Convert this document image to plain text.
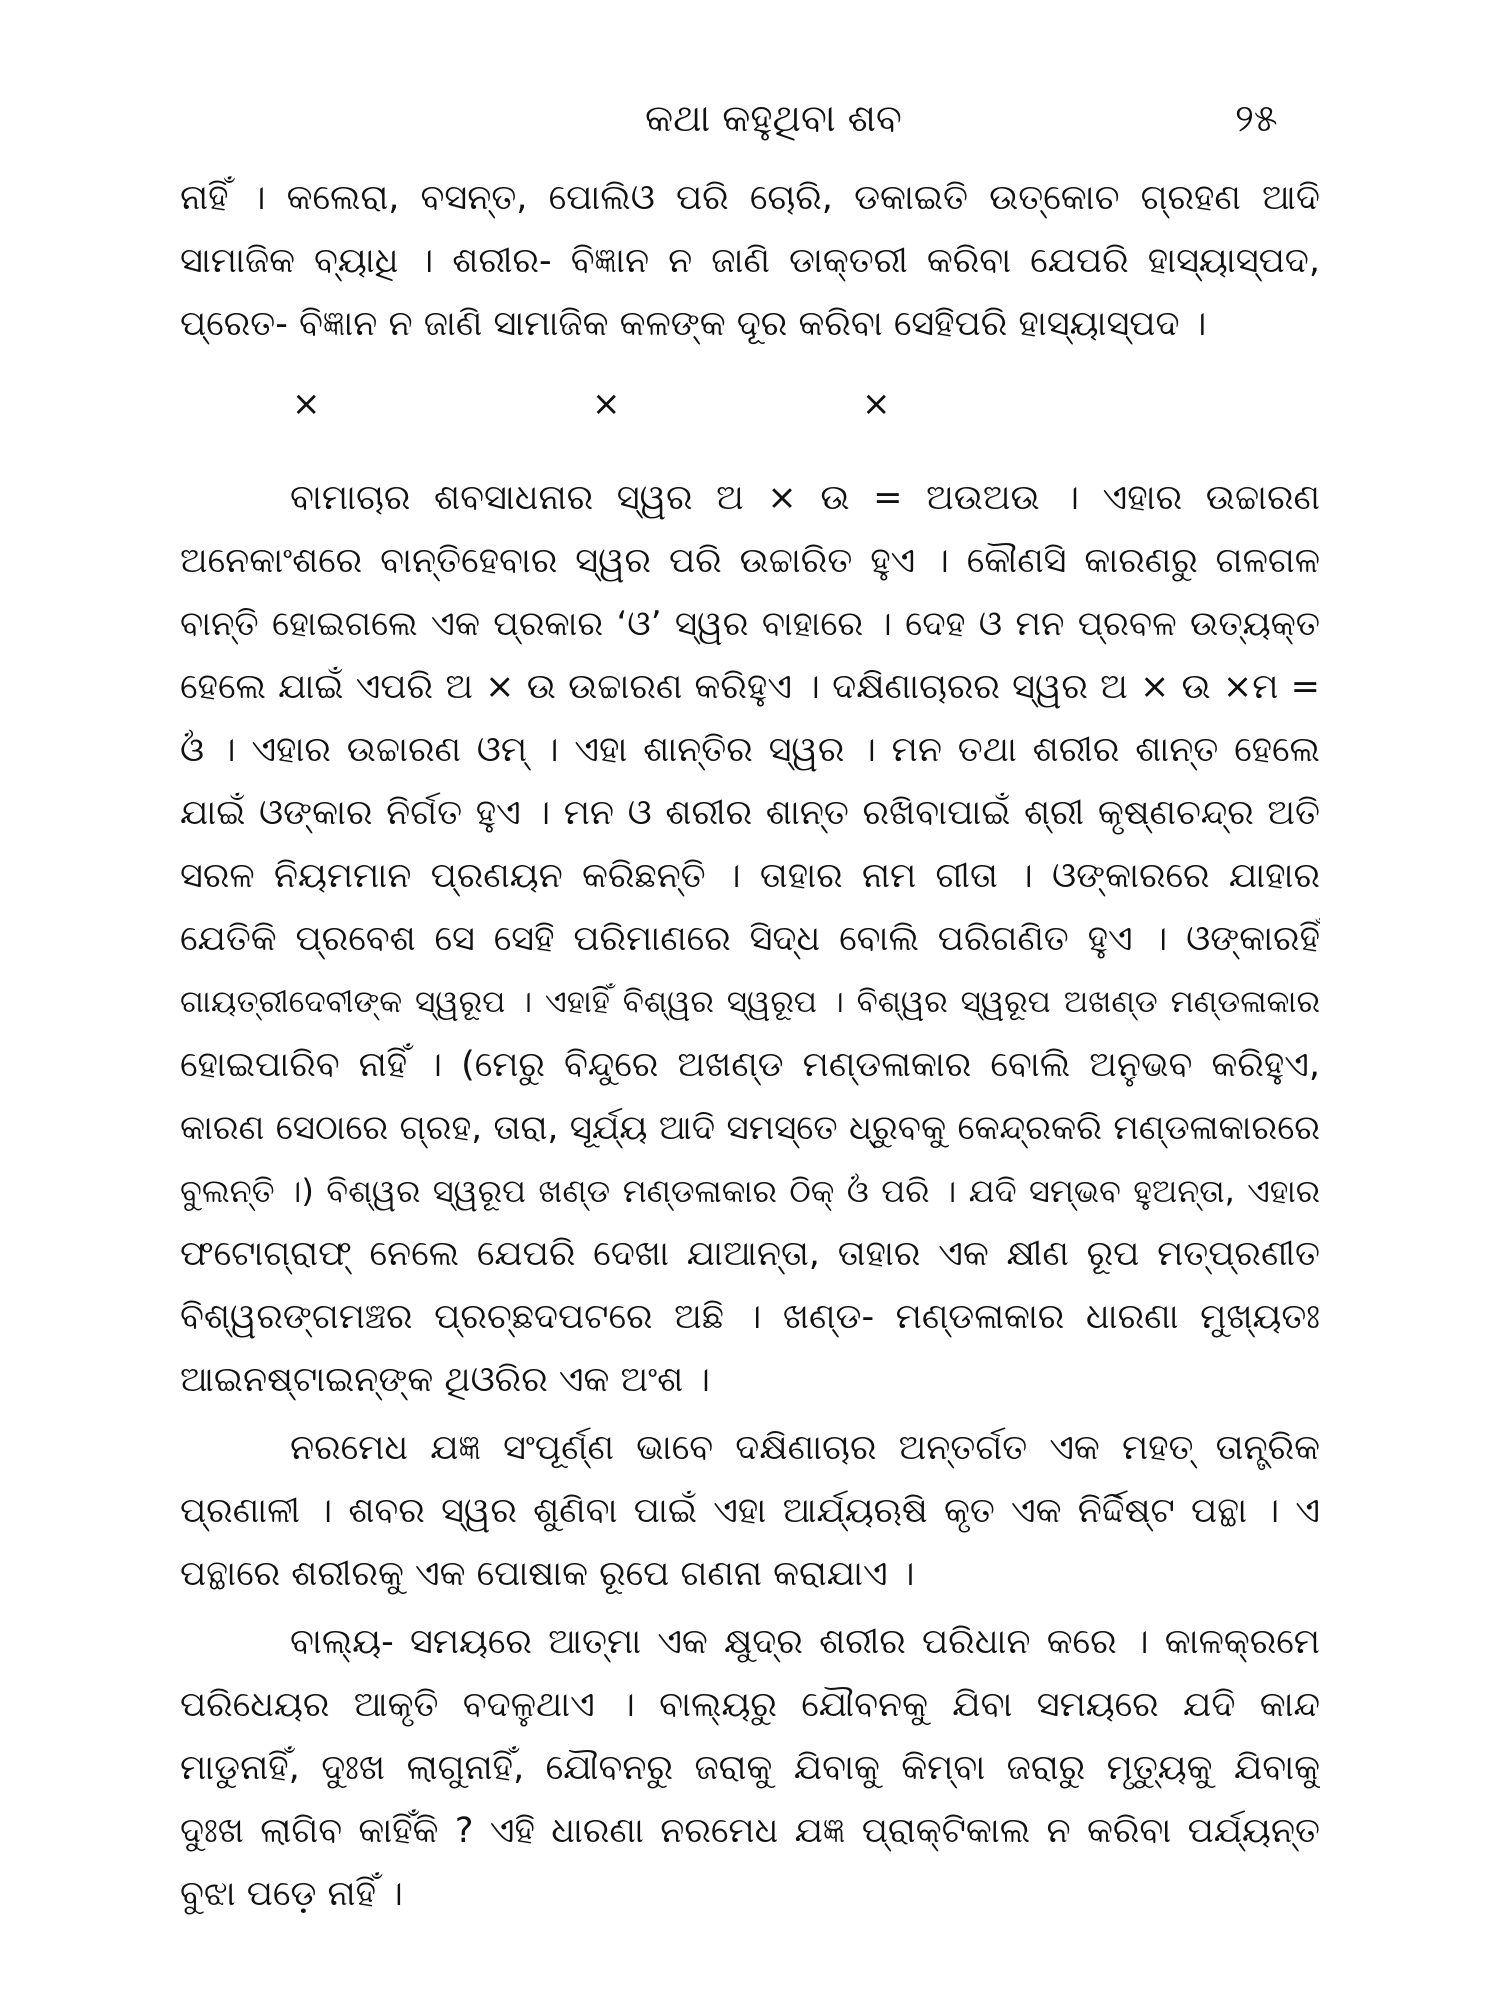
କଥା କହୁଥିବା ଶବ	୨୫
ନାହିଁ । କଲେରା, ବସନ୍ତ, ପୋଲିଓ ପରି ଚୋରି, ଡକାଇତି ଉତ୍କୋଚ ଗ୍ରହଣ ଆଦି
ସାମାଜିକ ବ୍ୟାଧି । ଶରୀର- ବିଜ୍ଞାନ ନ ଜାଣି ଡାକ୍ତରୀ କରିବା ଯେପରି ହାସ୍ୟାସ୍ପଦ,
ପ୍ରେତ- ବିଜ୍ଞାନ ନ ଜାଣି ସାମାଜିକ କଳଙ୍କ ଦୂର କରିବା ସେହିପରି ହାସ୍ୟାସ୍ପଦ ।
×	×	×
ବାମାଚାର ଶବସାଧନାର ସ୍ୱର ଅ × ଉ = ଅଉଅଉ । ଏହାର ଉଚ୍ଚାରଣ
ଅନେକାଂଶରେ ବାନ୍ତିହେବାର ସ୍ୱର ପରି ଉଚ୍ଚାରିତ ହୁଏ । କୌଣସି କାରଣରୁ ଗଳଗଳ
ବାନ୍ତି ହୋଇଗଲେ ଏକ ପ୍ରକାର ‘ଓ’ ସ୍ୱର ବାହାରେ । ଦେହ ଓ ମନ ପ୍ରବଳ ଉତ୍ୟକ୍ତ
ହେଲେ ଯାଇଁ ଏପରି ଅ × ଉ ଉଚ୍ଚାରଣ କରିହୁଏ । ଦକ୍ଷିଣାଚାରର ସ୍ୱର ଅ × ଉ ×ମ =
ଓଁ । ଏହାର ଉଚ୍ଚାରଣ ଓମ୍ । ଏହା ଶାନ୍ତିର ସ୍ୱର । ମନ ତଥା ଶରୀର ଶାନ୍ତ ହେଲେ
ଯାଇଁ ଓଙ୍କାର ନିର୍ଗତ ହୁଏ । ମନ ଓ ଶରୀର ଶାନ୍ତ ରଖିବାପାଇଁ ଶ୍ରୀ କୃଷ୍ଣଚନ୍ଦ୍ର ଅତି
ସରଳ ନିୟମମାନ ପ୍ରଣୟନ କରିଛନ୍ତି । ତାହାର ନାମ ଗୀତା । ଓଙ୍କାରରେ ଯାହାର
ଯେତିକି ପ୍ରବେଶ ସେ ସେହି ପରିମାଣରେ ସିଦ୍ଧ ବୋଲି ପରିଗଣିତ ହୁଏ । ଓଙ୍କାରହିଁ
ଗାୟତ୍ରୀଦେବୀଙ୍କ ସ୍ୱରୂପ । ଏହାହିଁ ବିଶ୍ୱର ସ୍ୱରୂପ । ବିଶ୍ୱର ସ୍ୱରୂପ ଅଖଣ୍ଡ ମଣ୍ଡଳାକାର
ହୋଇପାରିବ ନାହିଁ । (ମେରୁ ବିନ୍ଦୁରେ ଅଖଣ୍ଡ ମଣ୍ଡଳାକାର ବୋଲି ଅନୁଭବ କରିହୁଏ,
କାରଣ ସେଠାରେ ଗ୍ରହ, ତାରା, ସୂର୍ଯ୍ୟ ଆଦି ସମସ୍ତେ ଧ୍ରୁବକୁ କେନ୍ଦ୍ରକରି ମଣ୍ଡଳାକାରରେ
ବୁଲନ୍ତି ।) ବିଶ୍ୱର ସ୍ୱରୂପ ଖଣ୍ଡ ମଣ୍ଡଳାକାର ଠିକ୍ ଓଁ ପରି । ଯଦି ସମ୍ଭବ ହୁଅନ୍ତା, ଏହାର
ଫଟୋଗ୍ରାଫ୍ ନେଲେ ଯେପରି ଦେଖା ଯାଆନ୍ତା, ତାହାର ଏକ କ୍ଷୀଣ ରୂପ ମତ୍‌ପ୍ରଣୀତ
ବିଶ୍ୱରଙ୍ଗମଞ୍ଚର ପ୍ରଚ୍ଛଦପଟରେ ଅଛି । ଖଣ୍ଡ- ମଣ୍ଡଳାକାର ଧାରଣା ମୁଖ୍ୟତଃ
ଆଇନଷ୍ଟାଇନ୍‌ଙ୍କ ଥିଓରିର ଏକ ଅଂଶ ।
ନରମେଧ ଯଜ୍ଞ ସଂପୂର୍ଣ୍ଣ ଭାବେ ଦକ୍ଷିଣାଚାର ଅନ୍ତର୍ଗତ ଏକ ମହତ୍ ତାନ୍ତ୍ରିକ
ପ୍ରଣାଳୀ । ଶବର ସ୍ୱର ଶୁଣିବା ପାଇଁ ଏହା ଆର୍ଯ୍ୟଋଷି କୃତ ଏକ ନିର୍ଦ୍ଦିଷ୍ଟ ପନ୍ଥା । ଏ
ପନ୍ଥାରେ ଶରୀରକୁ ଏକ ପୋଷାକ ରୂପେ ଗଣନା କରାଯାଏ ।
ବାଲ୍ୟ- ସମୟରେ ଆତ୍ମା ଏକ କ୍ଷୁଦ୍ର ଶରୀର ପରିଧାନ କରେ । କାଳକ୍ରମେ
ପରିଧେୟର ଆକୃତି ବଦଳୁଥାଏ । ବାଲ୍ୟରୁ ଯୌବନକୁ ଯିବା ସମୟରେ ଯଦି କାନ୍ଦ
ମାଡୁନାହିଁ, ଦୁଃଖ ଲାଗୁନାହିଁ, ଯୌବନରୁ ଜରାକୁ ଯିବାକୁ କିମ୍ବା ଜରାରୁ ମୃତ୍ୟୁକୁ ଯିବାକୁ
ଦୁଃଖ ଲାଗିବ କାହିଁକି ? ଏହି ଧାରଣା ନରମେଧ ଯଜ୍ଞ ପ୍ରାକ୍ଟିକାଲ ନ କରିବା ପର୍ଯ୍ୟନ୍ତ
ବୁଝା ପଡ଼େ ନାହିଁ ।
